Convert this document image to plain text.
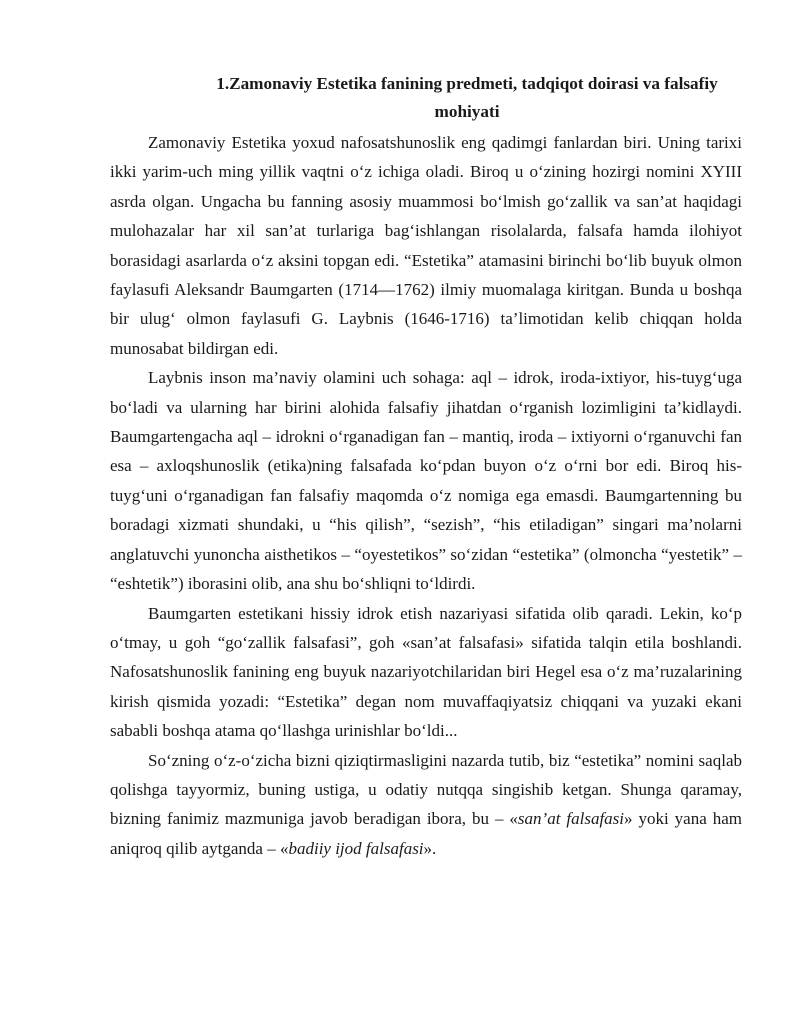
1.Zamonaviy Estetika fanining predmeti, tadqiqot doirasi va falsafiy
mohiyati

Zamonaviy Estetika yoxud nafosatshunoslik eng qadimgi fanlardan biri. Uning tarixi ikki yarim-uch ming yillik vaqtni o‘z ichiga oladi. Biroq u o‘zining hozirgi nomini XYIII asrda olgan. Ungacha bu fanning asosiy muammosi bo‘lmish go‘zallik va san’at haqidagi mulohazalar har xil san’at turlariga bag‘ishlangan risolalarda, falsafa hamda ilohiyot borasidagi asarlarda o‘z aksini topgan edi. “Estetika” atamasini birinchi bo‘lib buyuk olmon faylasufi Aleksandr Baumgarten (1714—1762) ilmiy muomalaga kiritgan. Bunda u boshqa bir ulug‘ olmon faylasufi G. Laybnis (1646-1716) ta’limotidan kelib chiqqan holda munosabat bildirgan edi.

Laybnis inson ma’naviy olamini uch sohaga: aql – idrok, iroda-ixtiyor, his-tuyg‘uga bo‘ladi va ularning har birini alohida falsafiy jihatdan o‘rganish lozimligini ta’kidlaydi. Baumgartengacha aql – idrokni o‘rganadigan fan – mantiq, iroda – ixtiyorni o‘rganuvchi fan esa – axloqshunoslik (etika)ning falsafada ko‘pdan buyon o‘z o‘rni bor edi. Biroq his-tuyg‘uni o‘rganadigan fan falsafiy maqomda o‘z nomiga ega emasdi. Baumgartenning bu boradagi xizmati shundaki, u “his qilish”, “sezish”, “his etiladigan” singari ma’nolarni anglatuvchi yunoncha aisthetikos – “oyestetikos” so‘zidan “estetika” (olmoncha “yestetik” – “eshtetik”) iborasini olib, ana shu bo‘shliqni to‘ldirdi.

Baumgarten estetikani hissiy idrok etish nazariyasi sifatida olib qaradi. Lekin, ko‘p o‘tmay, u goh “go‘zallik falsafasi”, goh «san’at falsafasi» sifatida talqin etila boshlandi. Nafosatshunoslik fanining eng buyuk nazariyotchilaridan biri Hegel esa o‘z ma’ruzalarining kirish qismida yozadi: “Estetika” degan nom muvaffaqiyatsiz chiqqani va yuzaki ekani sababli boshqa atama qo‘llashga urinishlar bo‘ldi...

So‘zning o‘z-o‘zicha bizni qiziqtirmasligini nazarda tutib, biz “estetika” nomini saqlab qolishga tayyormiz, buning ustiga, u odatiy nutqqa singishib ketgan. Shunga qaramay, bizning fanimiz mazmuniga javob beradigan ibora, bu – «san’at falsafasi» yoki yana ham aniqroq qilib aytganda – «badiiy ijod falsafasi».
